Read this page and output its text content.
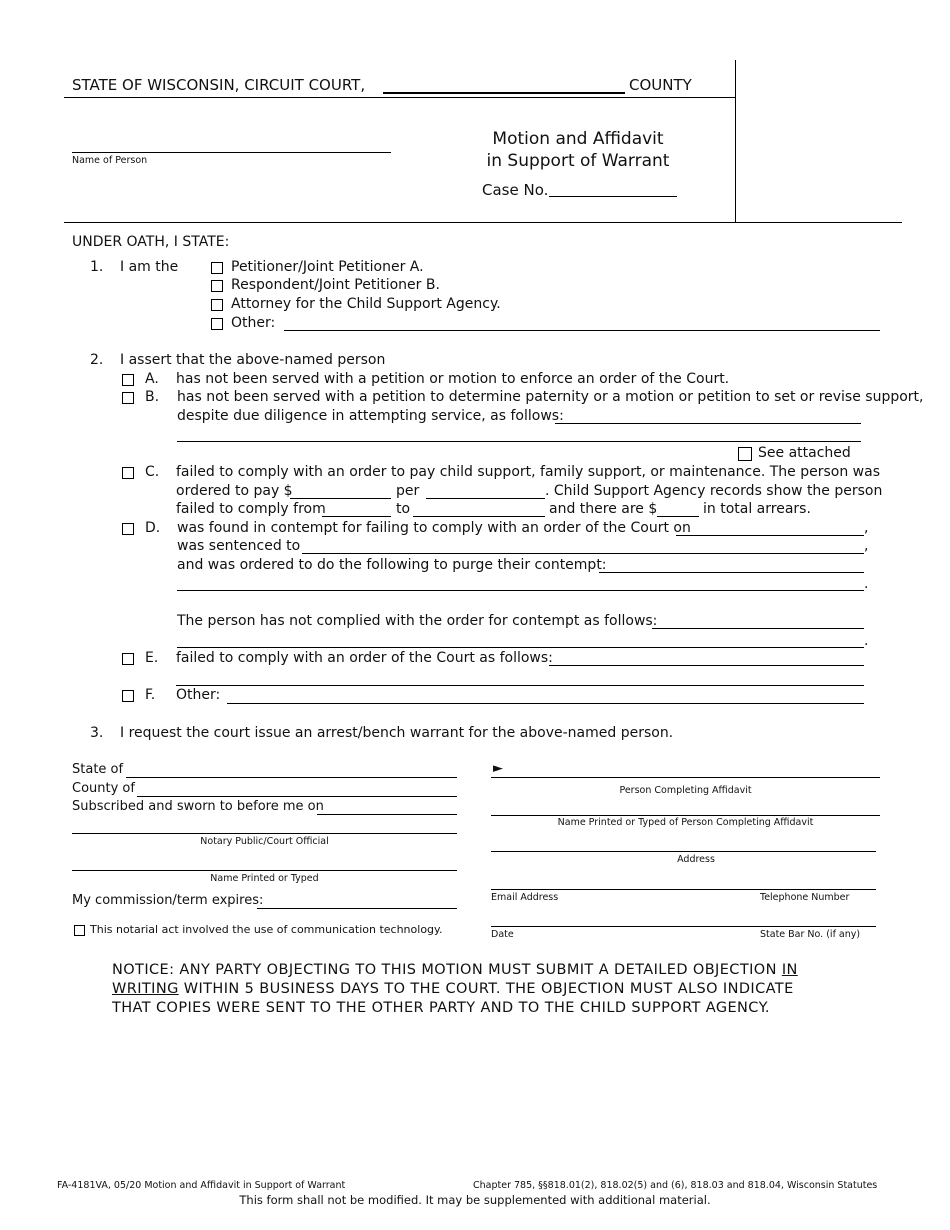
STATE OF WISCONSIN, CIRCUIT COURT,	COUNTY
Name of Person
Motion and Affidavit
in Support of Warrant
Case No.
UNDER OATH, I STATE:
1. I am the	Petitioner/Joint Petitioner A.
Respondent/Joint Petitioner B.
Attorney for the Child Support Agency.
Other:
2. I assert that the above-named person
A. has not been served with a petition or motion to enforce an order of the Court.
B. has not been served with a petition to determine paternity or a motion or petition to set or revise support,
despite due diligence in attempting service, as follows:
See attached
C. failed to comply with an order to pay child support, family support, or maintenance. The person was
ordered to pay $	per	. Child Support Agency records show the person
failed to comply from	to	and there are $	in total arrears.
D. was found in contempt for failing to comply with an order of the Court on	,
was sentenced to	,
and was ordered to do the following to purge their contempt:
.
The person has not complied with the order for contempt as follows:
.
E. failed to comply with an order of the Court as follows:
F. Other:
3. I request the court issue an arrest/bench warrant for the above-named person.
State of
County of
Subscribed and sworn to before me on
Notary Public/Court Official
Name Printed or Typed
My commission/term expires:
This notarial act involved the use of communication technology.
►
Person Completing Affidavit
Name Printed or Typed of Person Completing Affidavit
Address
Email Address	Telephone Number
Date	State Bar No. (if any)
NOTICE: ANY PARTY OBJECTING TO THIS MOTION MUST SUBMIT A DETAILED OBJECTION IN
WRITING WITHIN 5 BUSINESS DAYS TO THE COURT. THE OBJECTION MUST ALSO INDICATE
THAT COPIES WERE SENT TO THE OTHER PARTY AND TO THE CHILD SUPPORT AGENCY.
FA-4181VA, 05/20 Motion and Affidavit in Support of Warrant	Chapter 785, §§818.01(2), 818.02(5) and (6), 818.03 and 818.04, Wisconsin Statutes
This form shall not be modified. It may be supplemented with additional material.
